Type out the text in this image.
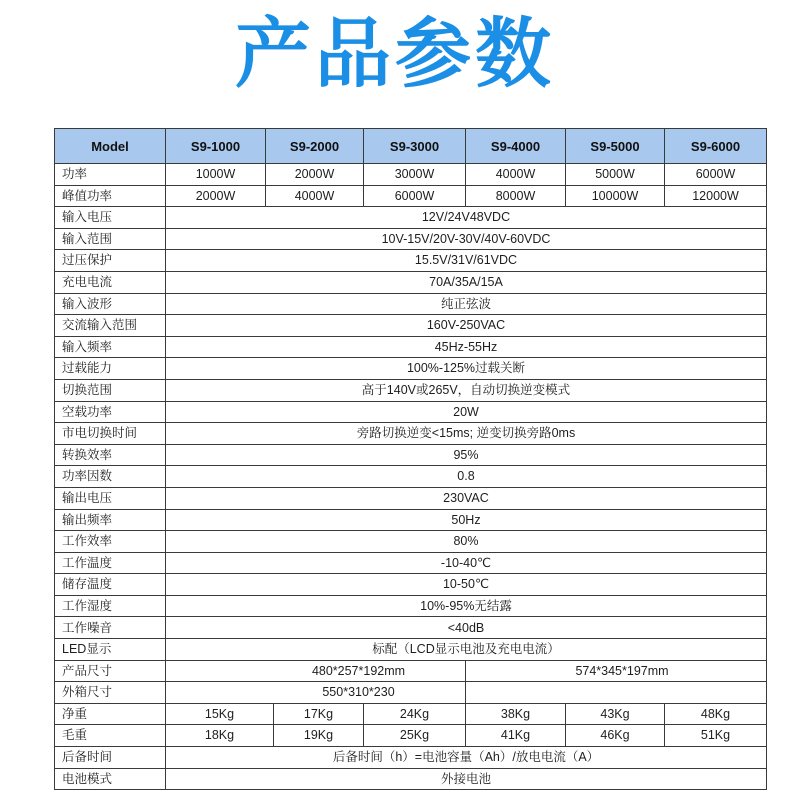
产品参数
Model	S9-1000	S9-2000	S9-3000	S9-4000	S9-5000	S9-6000
功率	1000W	2000W	3000W	4000W	5000W	6000W
峰值功率	2000W	4000W	6000W	8000W	10000W	12000W
输入电压	12V/24V48VDC
输入范围	10V-15V/20V-30V/40V-60VDC
过压保护	15.5V/31V/61VDC
充电电流	70A/35A/15A
输入波形	纯正弦波
交流输入范围	160V-250VAC
输入频率	45Hz-55Hz
过载能力	100%-125%过载关断
切换范围	高于140V或265V，自动切换逆变模式
空载功率	20W
市电切换时间	旁路切换逆变<15ms; 逆变切换旁路0ms
转换效率	95%
功率因数	0.8
输出电压	230VAC
输出频率	50Hz
工作效率	80%
工作温度	-10-40℃
储存温度	10-50℃
工作湿度	10%-95%无结露
工作噪音	<40dB
LED显示	标配（LCD显示电池及充电电流）
产品尺寸	480*257*192mm	574*345*197mm
外箱尺寸	550*310*230
净重	15Kg	17Kg	24Kg	38Kg	43Kg	48Kg
毛重	18Kg	19Kg	25Kg	41Kg	46Kg	51Kg
后备时间	后备时间（h）=电池容量（Ah）/放电电流（A）
电池模式	外接电池
